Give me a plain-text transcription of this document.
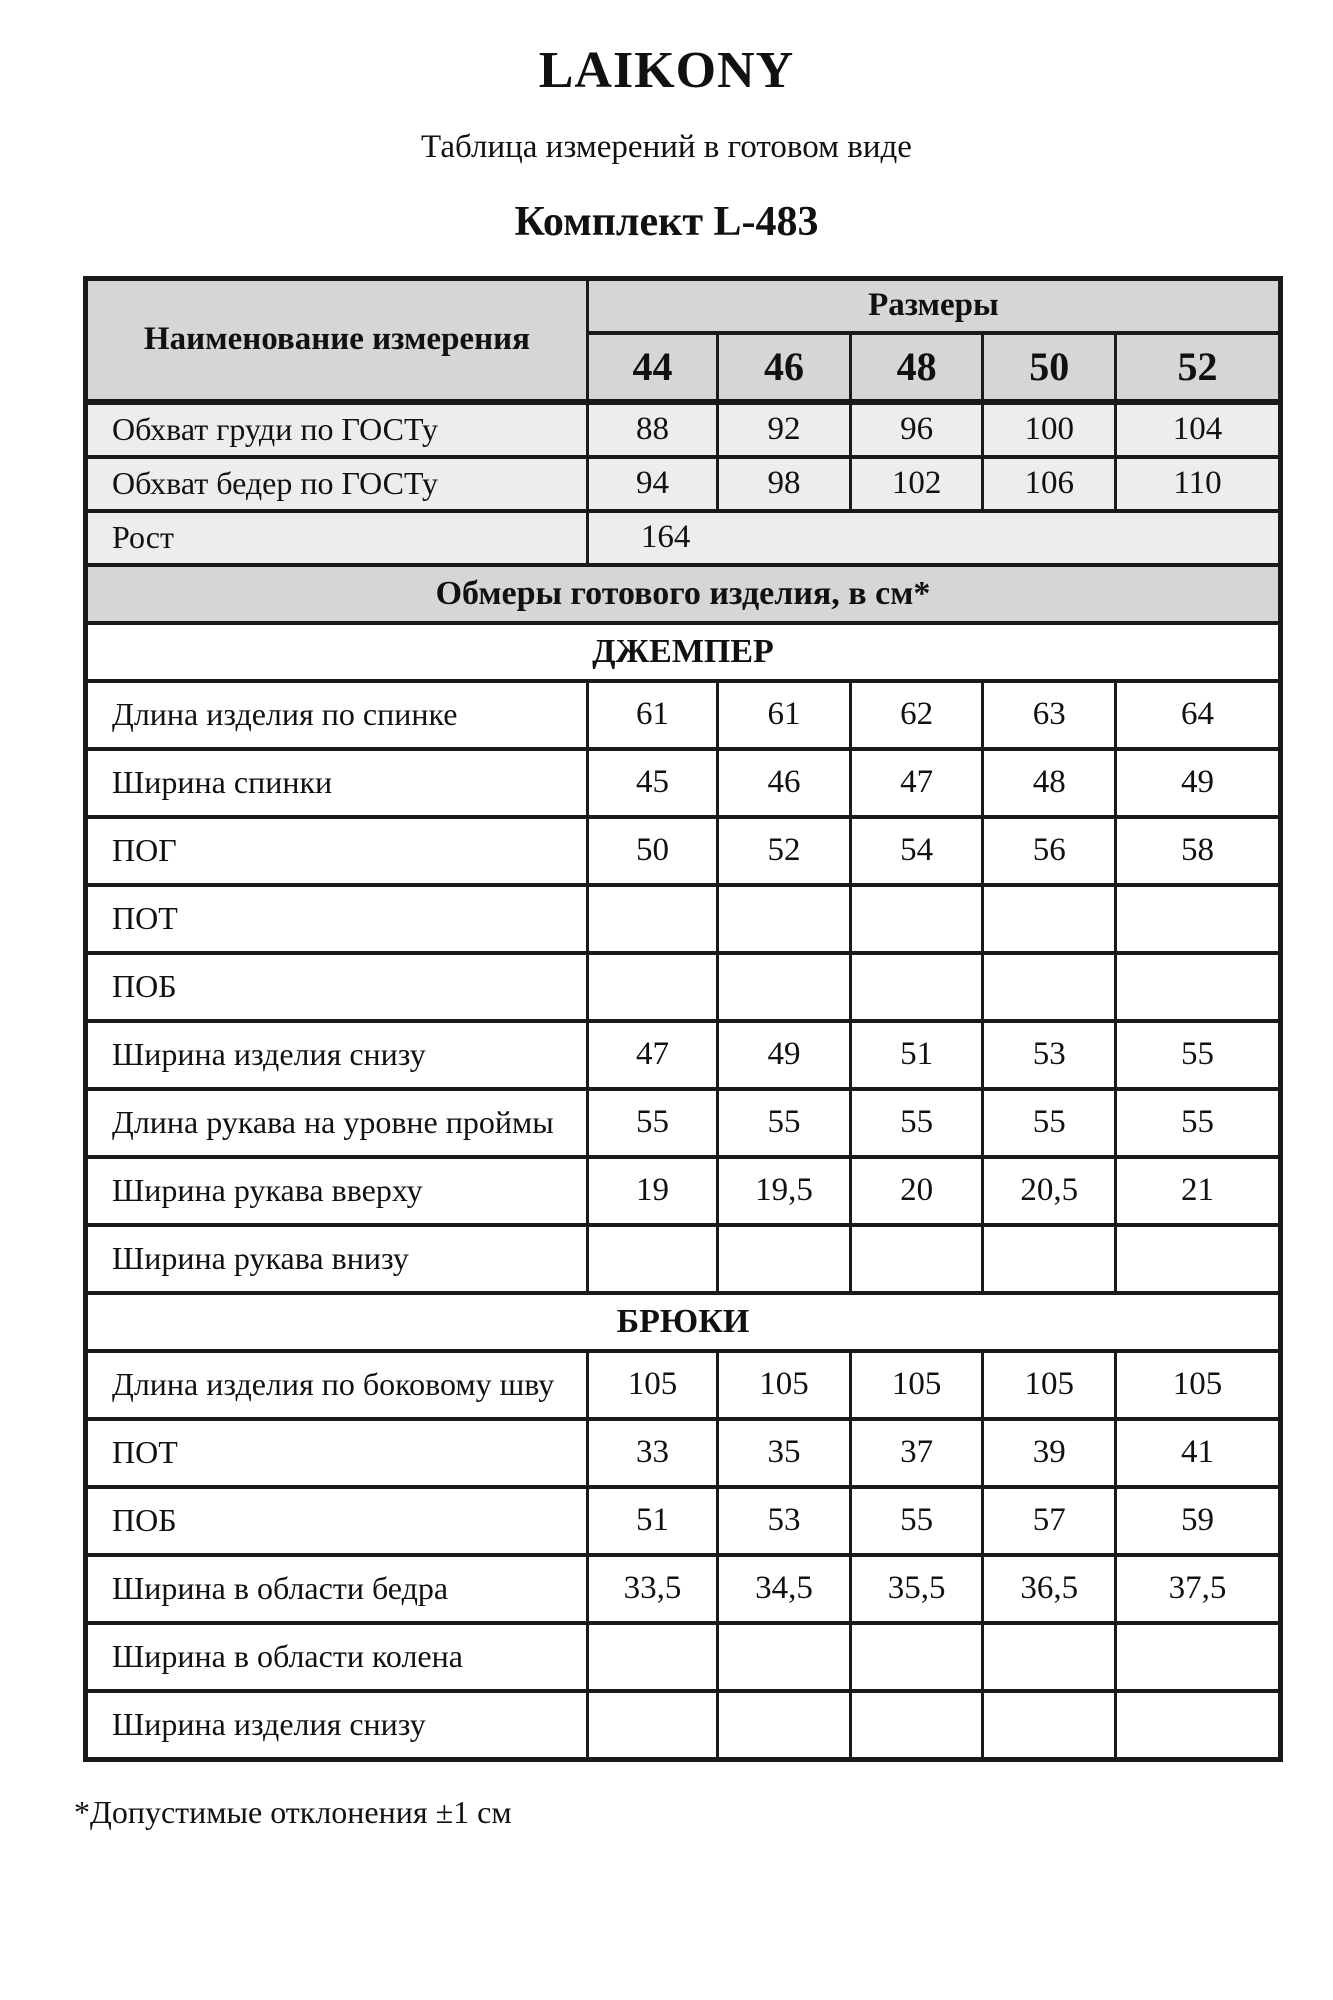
LAIKONY
Таблица измерений в готовом виде
Комплект L-483
Наименование измерения	Размеры				
	44	46	48	50	52
Обхват груди по ГОСТу	88	92	96	100	104
Обхват бедер по ГОСТу	94	98	102	106	110
Рост	164				
Обмеры готового изделия, в см*					
ДЖЕМПЕР					
Длина изделия по спинке	61	61	62	63	64
Ширина спинки	45	46	47	48	49
ПОГ	50	52	54	56	58
ПОТ					
ПОБ					
Ширина изделия снизу	47	49	51	53	55
Длина рукава на уровне проймы	55	55	55	55	55
Ширина рукава вверху	19	19,5	20	20,5	21
Ширина рукава внизу					
БРЮКИ					
Длина изделия по боковому шву	105	105	105	105	105
ПОТ	33	35	37	39	41
ПОБ	51	53	55	57	59
Ширина в области бедра	33,5	34,5	35,5	36,5	37,5
Ширина в области колена					
Ширина изделия снизу					
*Допустимые отклонения ±1 см
